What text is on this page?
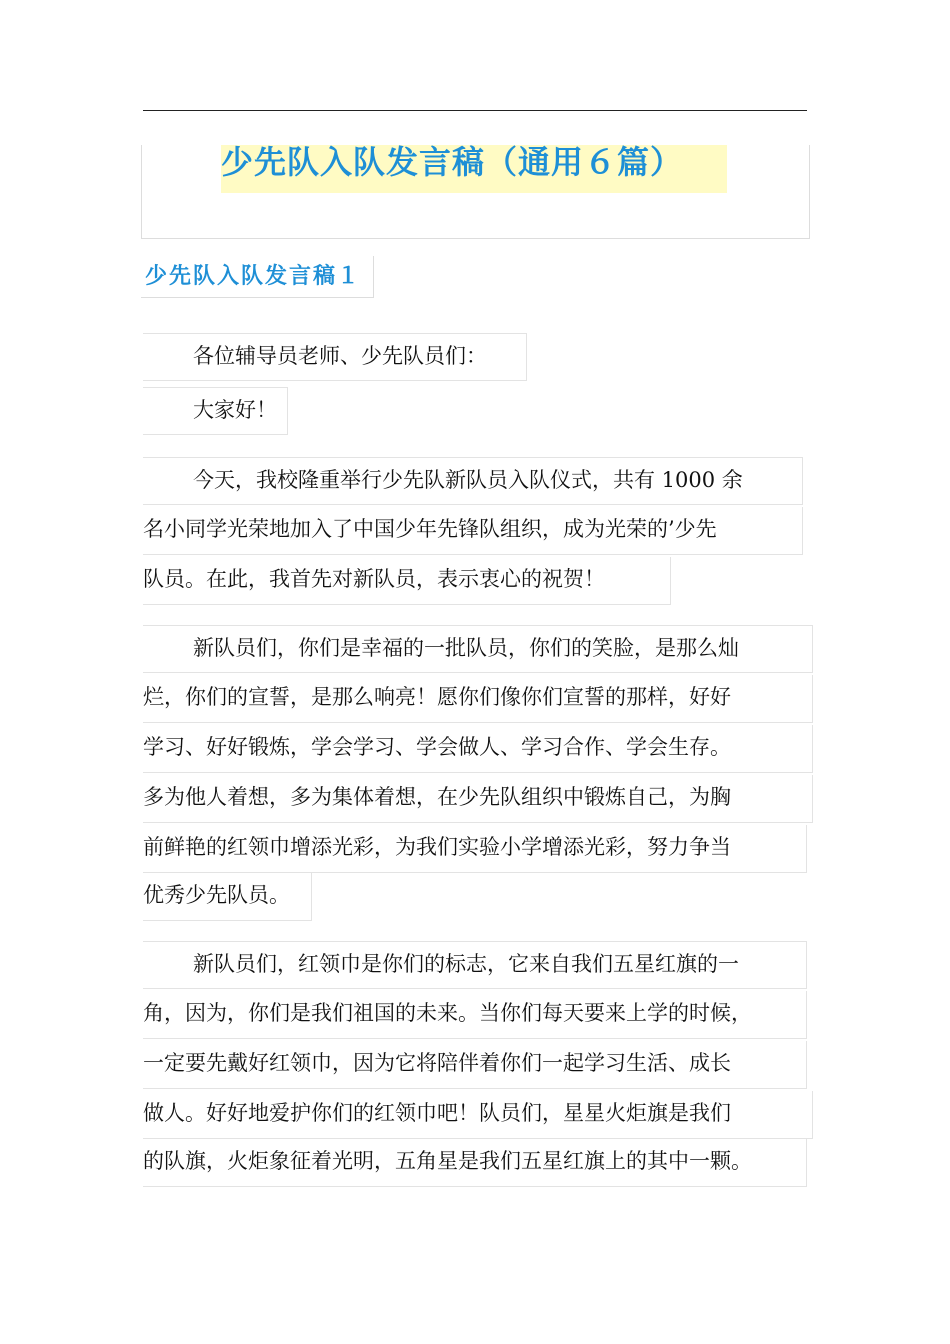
少先队入队发言稿（通用６篇）
少先队入队发言稿１
各位辅导员老师、少先队员们：
大家好！
今天，我校隆重举行少先队新队员入队仪式，共有 1000 余
名小同学光荣地加入了中国少年先锋队组织，成为光荣的’少先
队员。在此，我首先对新队员，表示衷心的祝贺！
新队员们，你们是幸福的一批队员，你们的笑脸，是那么灿
烂，你们的宣誓，是那么响亮！愿你们像你们宣誓的那样，好好
学习、好好锻炼，学会学习、学会做人、学习合作、学会生存。
多为他人着想，多为集体着想，在少先队组织中锻炼自己，为胸
前鲜艳的红领巾增添光彩，为我们实验小学增添光彩，努力争当
优秀少先队员。
新队员们，红领巾是你们的标志，它来自我们五星红旗的一
角，因为，你们是我们祖国的未来。当你们每天要来上学的时候，
一定要先戴好红领巾，因为它将陪伴着你们一起学习生活、成长
做人。好好地爱护你们的红领巾吧！队员们，星星火炬旗是我们
的队旗，火炬象征着光明，五角星是我们五星红旗上的其中一颗。
